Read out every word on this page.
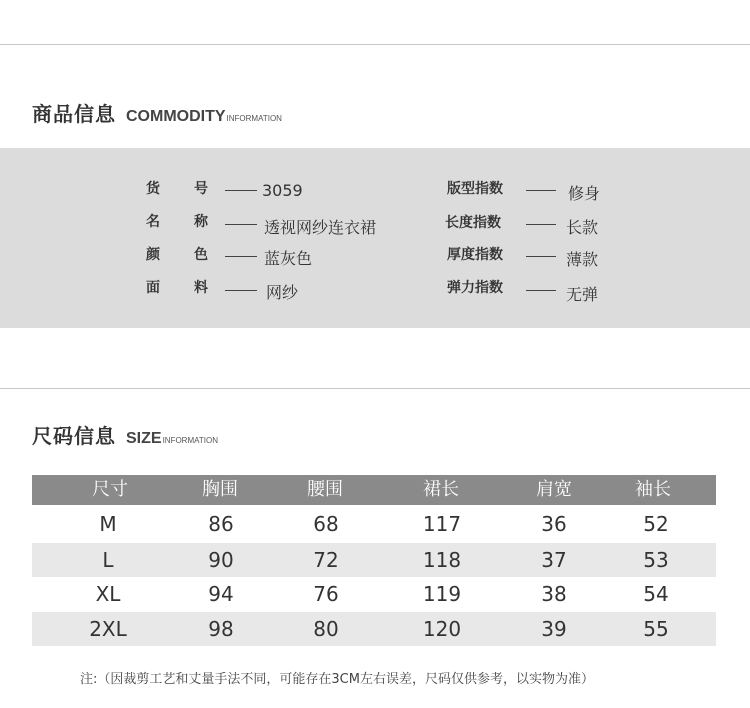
商品信息 COMMODITY INFORMATION
货 号	3059
名 称	透视网纱连衣裙
颜 色	蓝灰色
面 料	网纱
版型指数	修身
长度指数	长款
厚度指数	薄款
弹力指数	无弹
尺码信息 SIZE INFORMATION
尺寸	胸围	腰围	裙长	肩宽	袖长
M	86	68	117	36	52
L	90	72	118	37	53
XL	94	76	119	38	54
2XL	98	80	120	39	55
注:（因裁剪工艺和丈量手法不同，可能存在3CM左右误差，尺码仅供参考，以实物为准）
